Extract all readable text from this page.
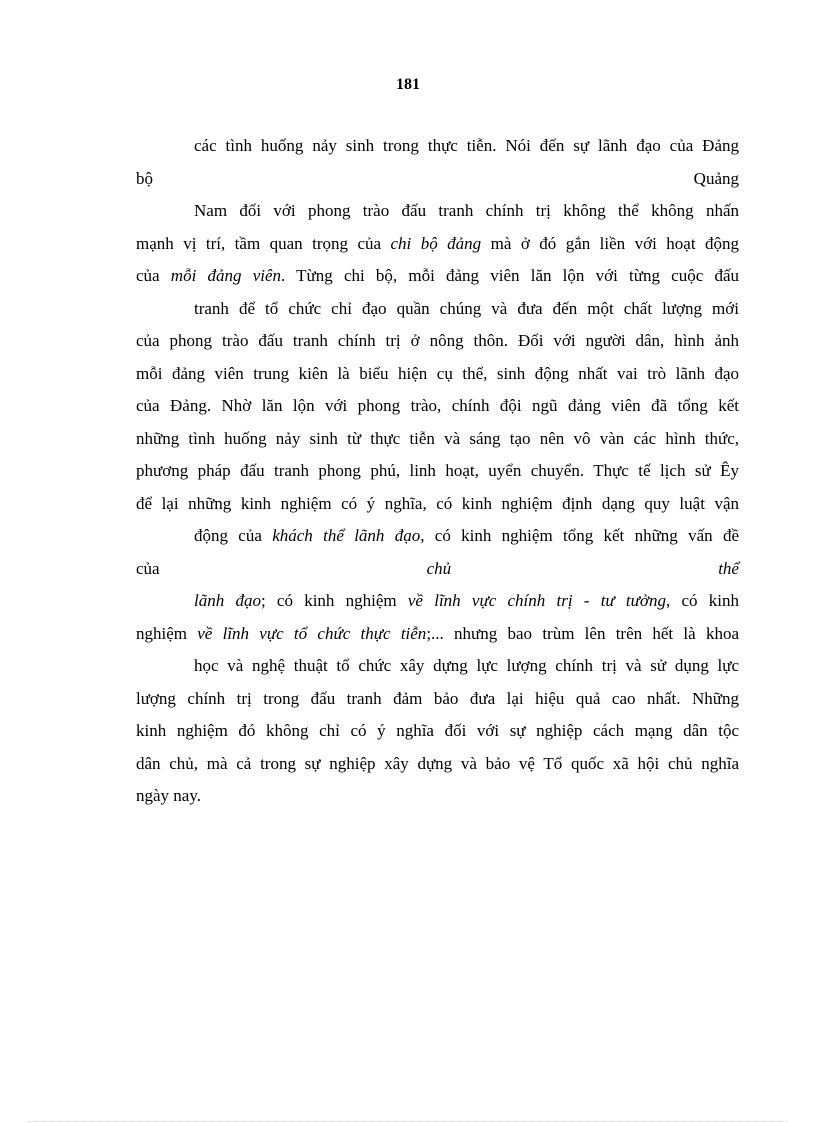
181
các tình huống nảy sinh trong thực tiễn. Nói đến sự lãnh đạo của Đảng
bộ	Quảng
Nam đối với phong trào đấu tranh chính trị không thể không nhấn
mạnh vị trí, tầm quan trọng của chi bộ đảng mà ở đó gắn liền với hoạt động
của mỗi đảng viên. Từng chi bộ, mỗi đảng viên lăn lộn với từng cuộc đấu
tranh để tổ chức chỉ đạo quần chúng và đưa đến một chất lượng mới
của phong trào đấu tranh chính trị ở nông thôn. Đối với người dân, hình ảnh
mỗi đảng viên trung kiên là biểu hiện cụ thể, sinh động nhất vai trò lãnh đạo
của Đảng. Nhờ lăn lộn với phong trào, chính đội ngũ đảng viên đã tổng kết
những tình huống nảy sinh từ thực tiễn và sáng tạo nên vô vàn các hình thức,
phương pháp đấu tranh phong phú, linh hoạt, uyển chuyển. Thực tế lịch sử Êy
để lại những kinh nghiệm có ý nghĩa, có kinh nghiệm định dạng quy luật vận
động của khách thể lãnh đạo, có kinh nghiệm tổng kết những vấn đề
của	chủ	thể
lãnh đạo; có kinh nghiệm về lĩnh vực chính trị - tư tưởng, có kinh
nghiệm về lĩnh vực tổ chức thực tiễn;... nhưng bao trùm lên trên hết là khoa
học và nghệ thuật tổ chức xây dựng lực lượng chính trị và sử dụng lực
lượng chính trị trong đấu tranh đảm bảo đưa lại hiệu quả cao nhất. Những
kinh nghiệm đó không chỉ có ý nghĩa đối với sự nghiệp cách mạng dân tộc
dân chủ, mà cả trong sự nghiệp xây dựng và bảo vệ Tổ quốc xã hội chủ nghĩa
ngày nay.
